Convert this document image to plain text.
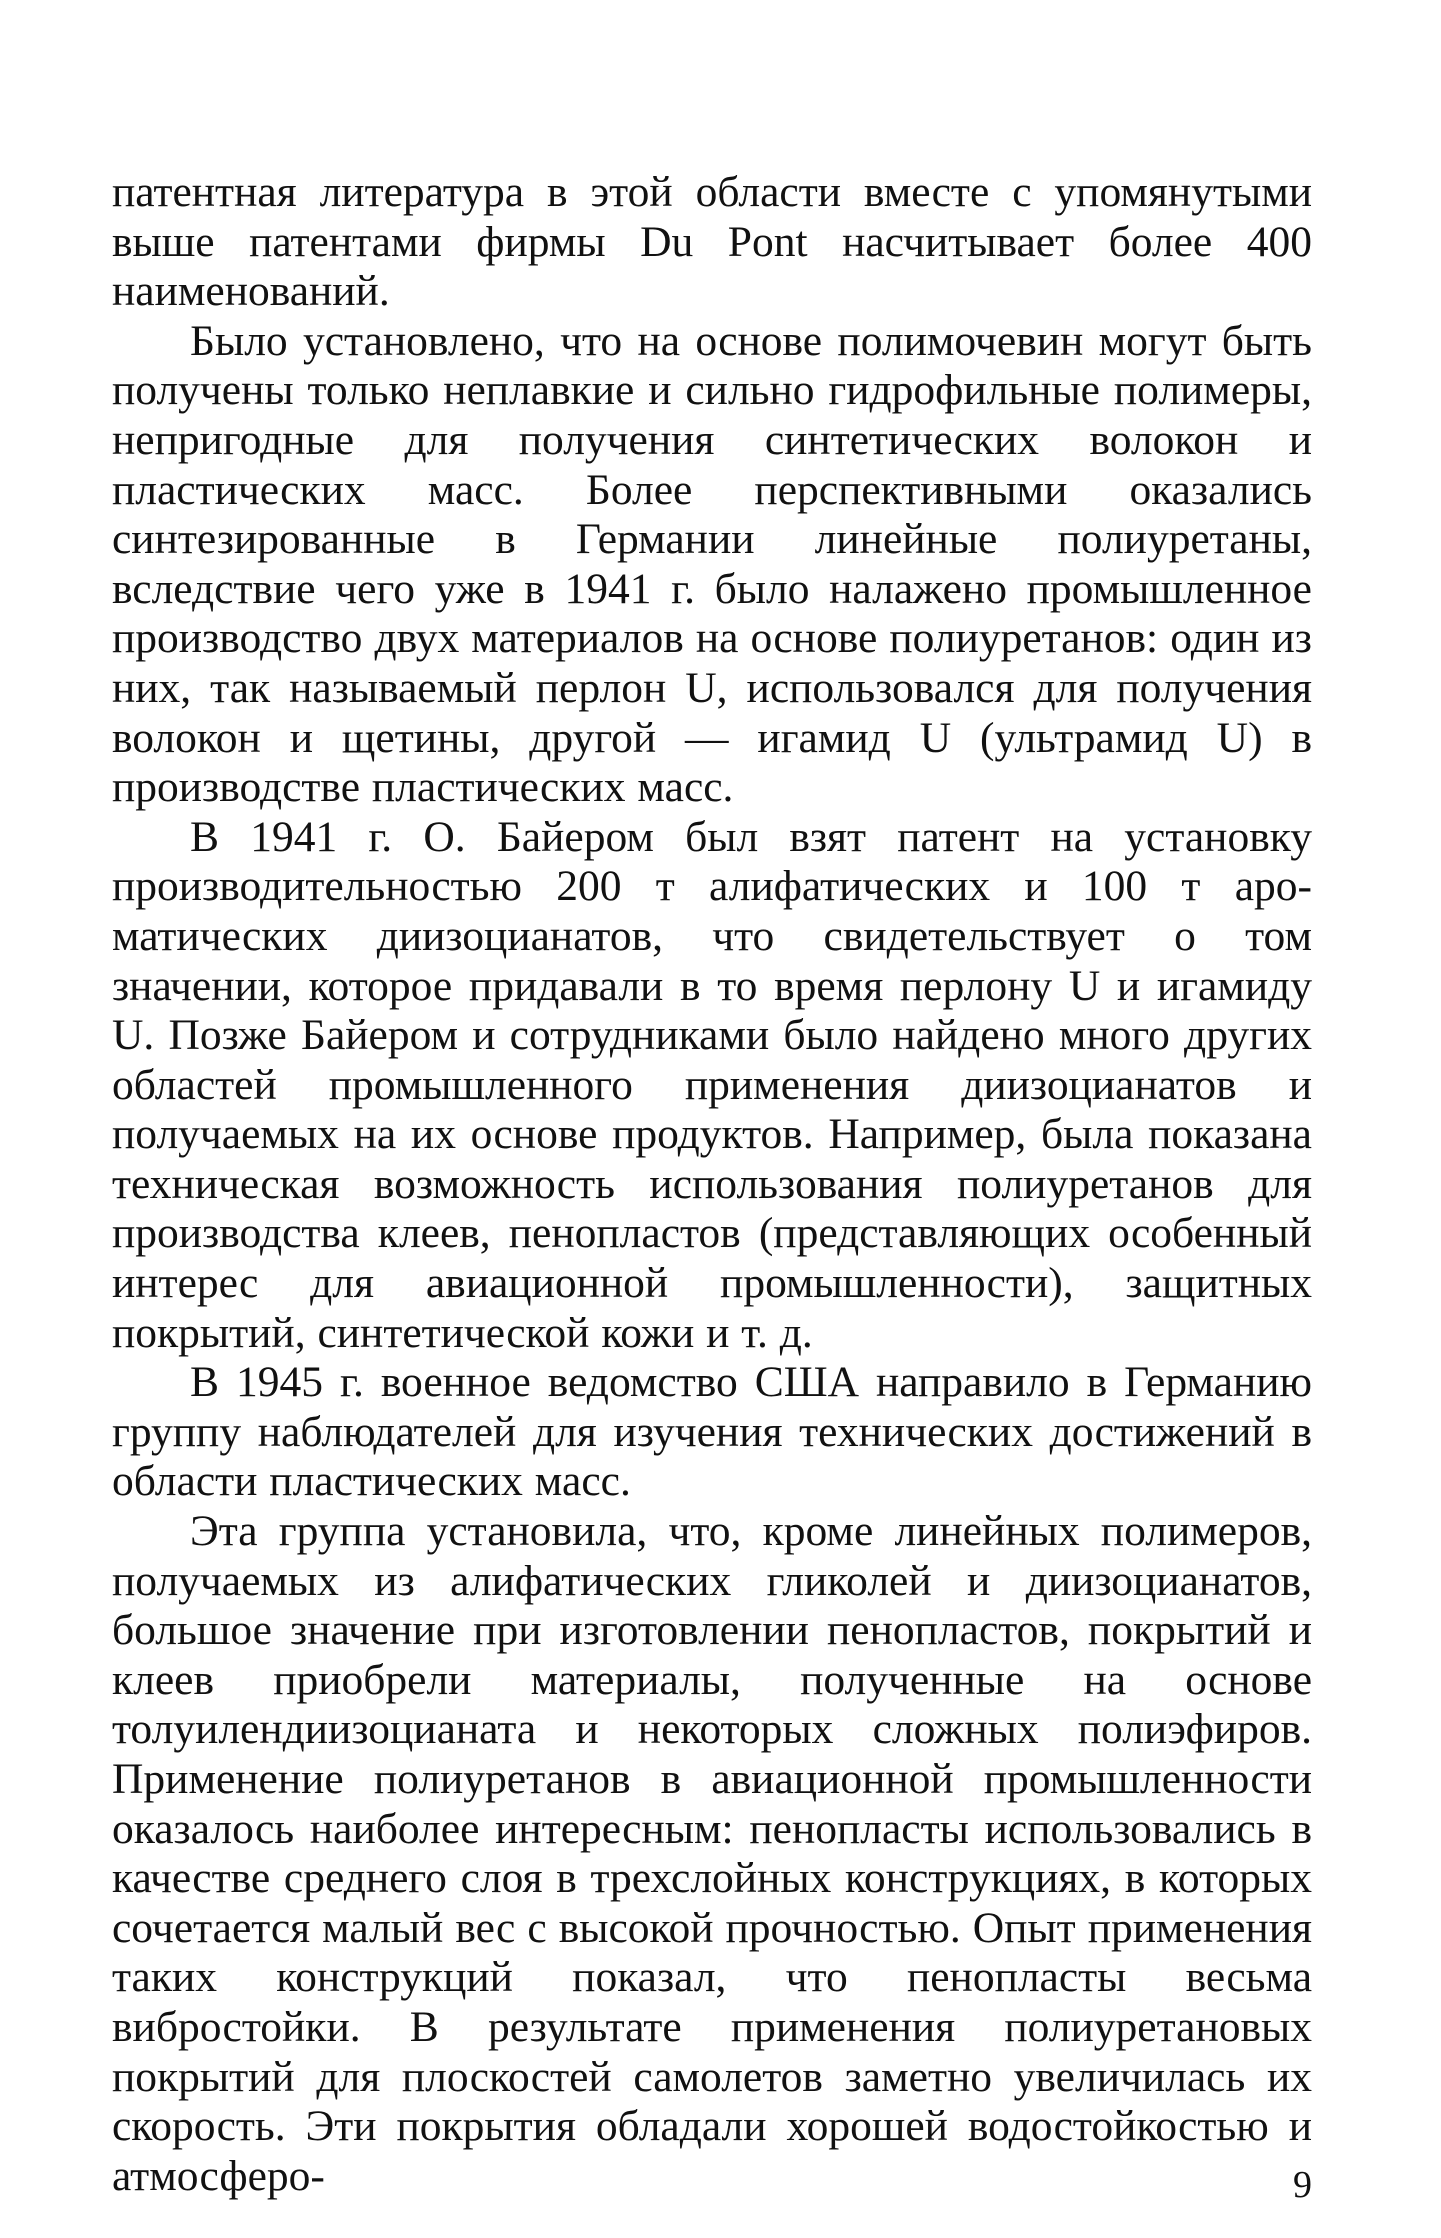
патентная литература в этой области вместе с упомянутыми выше патентами фирмы Du Pont насчитывает более 400 наименований.

Было установлено, что на основе полимочевин могут быть получены только неплавкие и сильно гидрофильные полимеры, непригодные для получения синтетических волокон и пластических масс. Более перспективными оказались синтезированные в Германии линейные полиуретаны, вследствие чего уже в 1941 г. было налажено промышленное производство двух материалов на основе полиуретанов: один из них, так называемый перлон U, использовался для получения волокон и щетины, другой — игамид U (ультрамид U) в производстве пластических масс.

В 1941 г. О. Байером был взят патент на установку производительностью 200 т алифатических и 100 т ароматических диизоцианатов, что свидетельствует о том значении, которое придавали в то время перлону U и игамиду U. Позже Байером и сотрудниками было найдено много других областей промышленного применения диизоцианатов и получаемых на их основе продуктов. Например, была показана техническая возможность использования полиуретанов для производства клеев, пенопластов (представляющих особенный интерес для авиационной промышленности), защитных покрытий, синтетической кожи и т. д.

В 1945 г. военное ведомство США направило в Германию группу наблюдателей для изучения технических достижений в области пластических масс.

Эта группа установила, что, кроме линейных полимеров, получаемых из алифатических гликолей и диизоцианатов, большое значение при изготовлении пенопластов, покрытий и клеев приобрели материалы, полученные на основе толуилендиизоцианата и некоторых сложных полиэфиров. Применение полиуретанов в авиационной промышленности оказалось наиболее интересным: пенопласты использовались в качестве среднего слоя в трехслойных конструкциях, в которых сочетается малый вес с высокой прочностью. Опыт применения таких конструкций показал, что пенопласты весьма вибростойки. В результате применения полиуретановых покрытий для плоскостей самолетов заметно увеличилась их скорость. Эти покрытия обладали хорошей водостойкостью и атмосферо-	9
